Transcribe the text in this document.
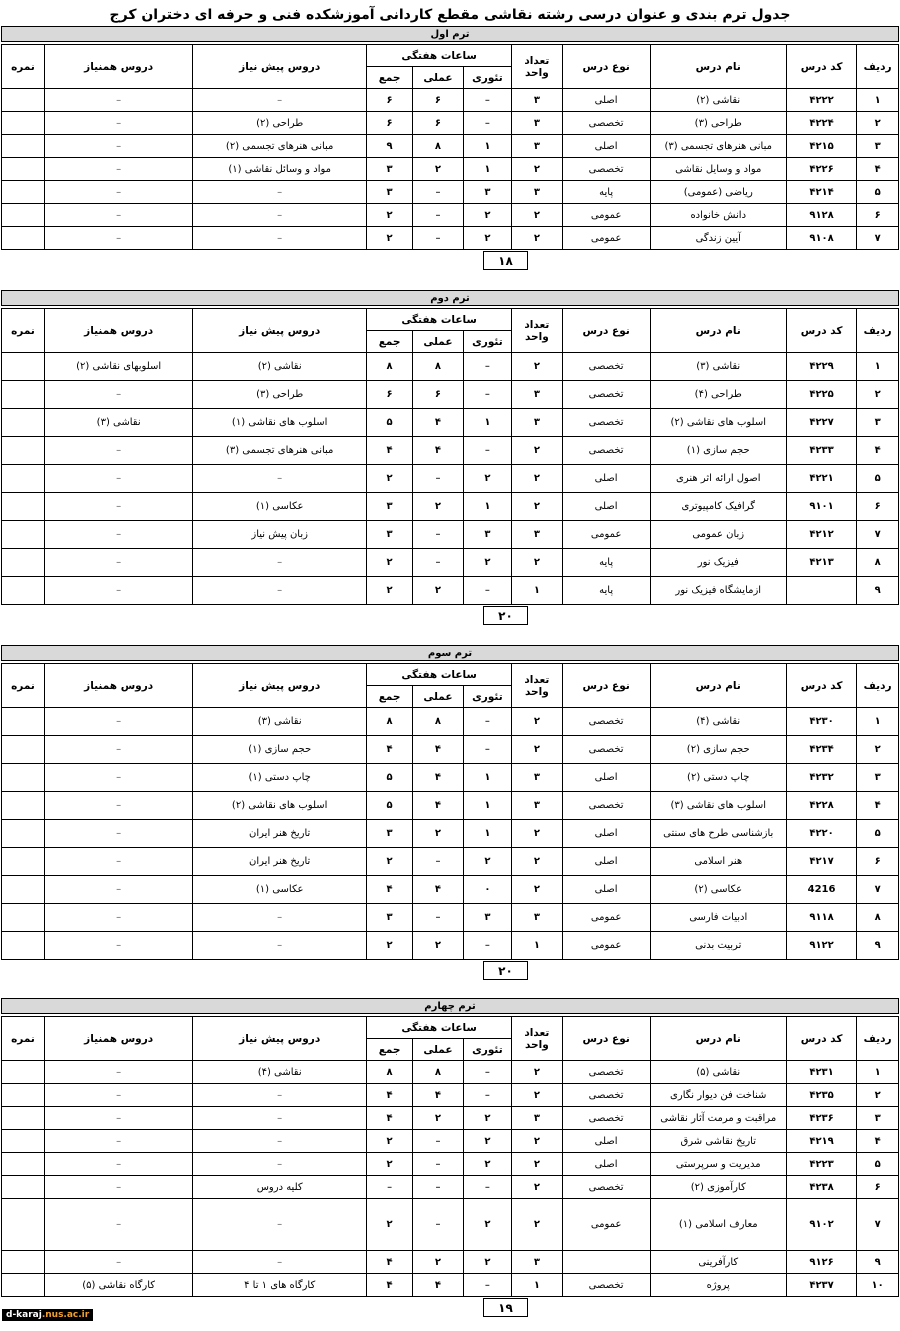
جدول ترم بندی و عنوان درسی رشته نقاشی مقطع کاردانی آموزشکده فنی و حرفه ای دختران کرج
ترم اول
ردیف	کد درس	نام درس	نوع درس	تعداد
واحد	ساعات هفتگی			دروس پیش نیاز	دروس همنیاز	نمره
					تئوری	عملی	جمع			
۱	۴۲۲۲	نقاشی (۲)	اصلی	۳	–	۶	۶	–	–	
۲	۴۲۲۴	طراحی (۳)	تخصصی	۳	–	۶	۶	طراحی (۲)	–	
۳	۴۲۱۵	مبانی هنرهای تجسمی (۳)	اصلی	۳	۱	۸	۹	مبانی هنرهای تجسمی (۲)	–	
۴	۴۲۲۶	مواد و وسایل نقاشی	تخصصی	۲	۱	۲	۳	مواد و وسائل نقاشی (۱)	–	
۵	۴۲۱۴	ریاضی (عمومی)	پایه	۳	۳	–	۳	–	–	
۶	۹۱۲۸	دانش خانواده	عمومی	۲	۲	–	۲	–	–	
۷	۹۱۰۸	آیین زندگی	عمومی	۲	۲	–	۲	–	–	
۱۸
ترم دوم
ردیف	کد درس	نام درس	نوع درس	تعداد
واحد	ساعات هفتگی			دروس پیش نیاز	دروس همنیاز	نمره
					تئوری	عملی	جمع			
۱	۴۲۲۹	نقاشی (۳)	تخصصی	۲	–	۸	۸	نقاشی (۲)	اسلوبهای نقاشی (۲)	
۲	۴۲۲۵	طراحی (۴)	تخصصی	۳	–	۶	۶	طراحی (۳)	–	
۳	۴۲۲۷	اسلوب های نقاشی (۲)	تخصصی	۳	۱	۴	۵	اسلوب های نقاشی (۱)	نقاشی (۳)	
۴	۴۲۳۳	حجم سازی (۱)	تخصصی	۲	–	۴	۴	مبانی هنرهای تجسمی (۳)	–	
۵	۴۲۲۱	اصول ارائه اثر هنری	اصلی	۲	۲	–	۲	–	–	
۶	۹۱۰۱	گرافیک کامپیوتری	اصلی	۲	۱	۲	۳	عکاسی (۱)	–	
۷	۴۲۱۲	زبان عمومی	عمومی	۳	۳	–	۳	زبان پیش نیاز	–	
۸	۴۲۱۳	فیزیک نور	پایه	۲	۲	–	۲	–	–	
۹		ازمایشگاه فیزیک نور	پایه	۱	–	۲	۲	–	–	
۲۰
ترم سوم
ردیف	کد درس	نام درس	نوع درس	تعداد
واحد	ساعات هفتگی			دروس پیش نیاز	دروس همنیاز	نمره
					تئوری	عملی	جمع			
۱	۴۲۳۰	نقاشی (۴)	تخصصی	۲	–	۸	۸	نقاشی (۳)	–	
۲	۴۲۳۴	حجم سازی (۲)	تخصصی	۲	–	۴	۴	حجم سازی (۱)	–	
۳	۴۲۳۲	چاپ دستی (۲)	اصلی	۳	۱	۴	۵	چاپ دستی (۱)	–	
۴	۴۲۲۸	اسلوب های نقاشی (۳)	تخصصی	۳	۱	۴	۵	اسلوب های نقاشی (۲)	–	
۵	۴۲۲۰	بازشناسی طرح های سنتی	اصلی	۲	۱	۲	۳	تاریخ هنر ایران	–	
۶	۴۲۱۷	هنر اسلامی	اصلی	۲	۲	–	۲	تاریخ هنر ایران	–	
۷	4216	عکاسی (۲)	اصلی	۲	۰	۴	۴	عکاسی (۱)	–	
۸	۹۱۱۸	ادبیات فارسی	عمومی	۳	۳	–	۳	–	–	
۹	۹۱۲۲	تربیت بدنی	عمومی	۱	–	۲	۲	–	–	
۲۰
ترم چهارم
ردیف	کد درس	نام درس	نوع درس	تعداد
واحد	ساعات هفتگی			دروس پیش نیاز	دروس همنیاز	نمره
					تئوری	عملی	جمع			
۱	۴۲۳۱	نقاشی (۵)	تخصصی	۲	–	۸	۸	نقاشی (۴)	–	
۲	۴۲۳۵	شناخت فن دیوار نگاری	تخصصی	۲	–	۴	۴	–	–	
۳	۴۲۳۶	مراقبت و مرمت آثار نقاشی	تخصصی	۳	۲	۲	۴	–	–	
۴	۴۲۱۹	تاریخ نقاشی شرق	اصلی	۲	۲	–	۲	–	–	
۵	۴۲۲۳	مدیریت و سرپرستی	اصلی	۲	۲	–	۲	–	–	
۶	۴۲۳۸	کارآموزی (۲)	تخصصی	۲	–	–	–	کلیه دروس	–	
۷	۹۱۰۲	معارف اسلامی (۱)	عمومی	۲	۲	–	۲	–	–	
۹	۹۱۲۶	کارآفرینی		۳	۲	۲	۴	–	–	
۱۰	۴۲۳۷	پروژه	تخصصی	۱	–	۴	۴	کارگاه های ۱ تا ۴	کارگاه نقاشی (۵)	
۱۹
d-karaj.nus.ac.ir
